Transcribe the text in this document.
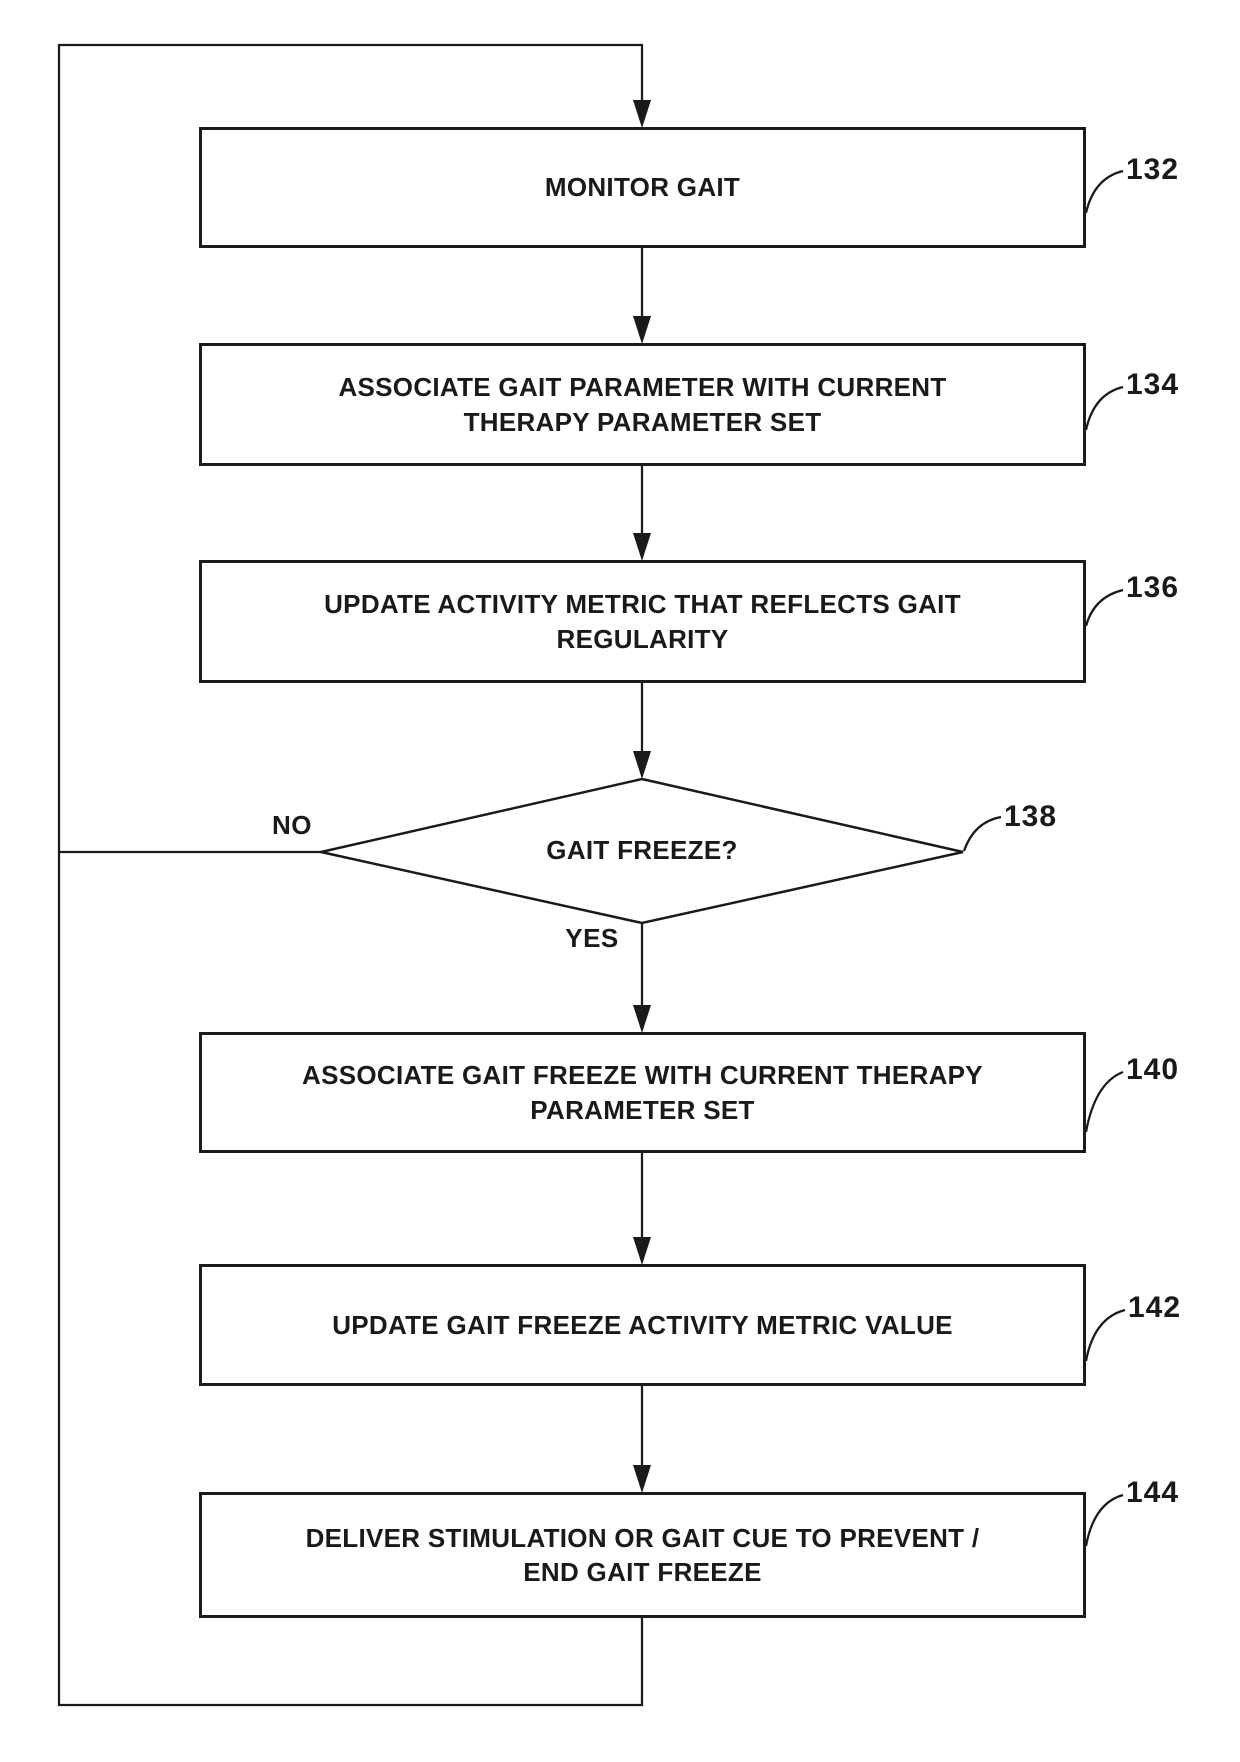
MONITOR GAIT
ASSOCIATE GAIT PARAMETER WITH CURRENT
THERAPY PARAMETER SET
UPDATE ACTIVITY METRIC THAT REFLECTS GAIT
REGULARITY
GAIT FREEZE?
ASSOCIATE GAIT FREEZE WITH CURRENT THERAPY
PARAMETER SET
UPDATE GAIT FREEZE ACTIVITY METRIC VALUE
DELIVER STIMULATION OR GAIT CUE TO PREVENT /
END GAIT FREEZE
NO
YES
132
134
136
138
140
142
144
